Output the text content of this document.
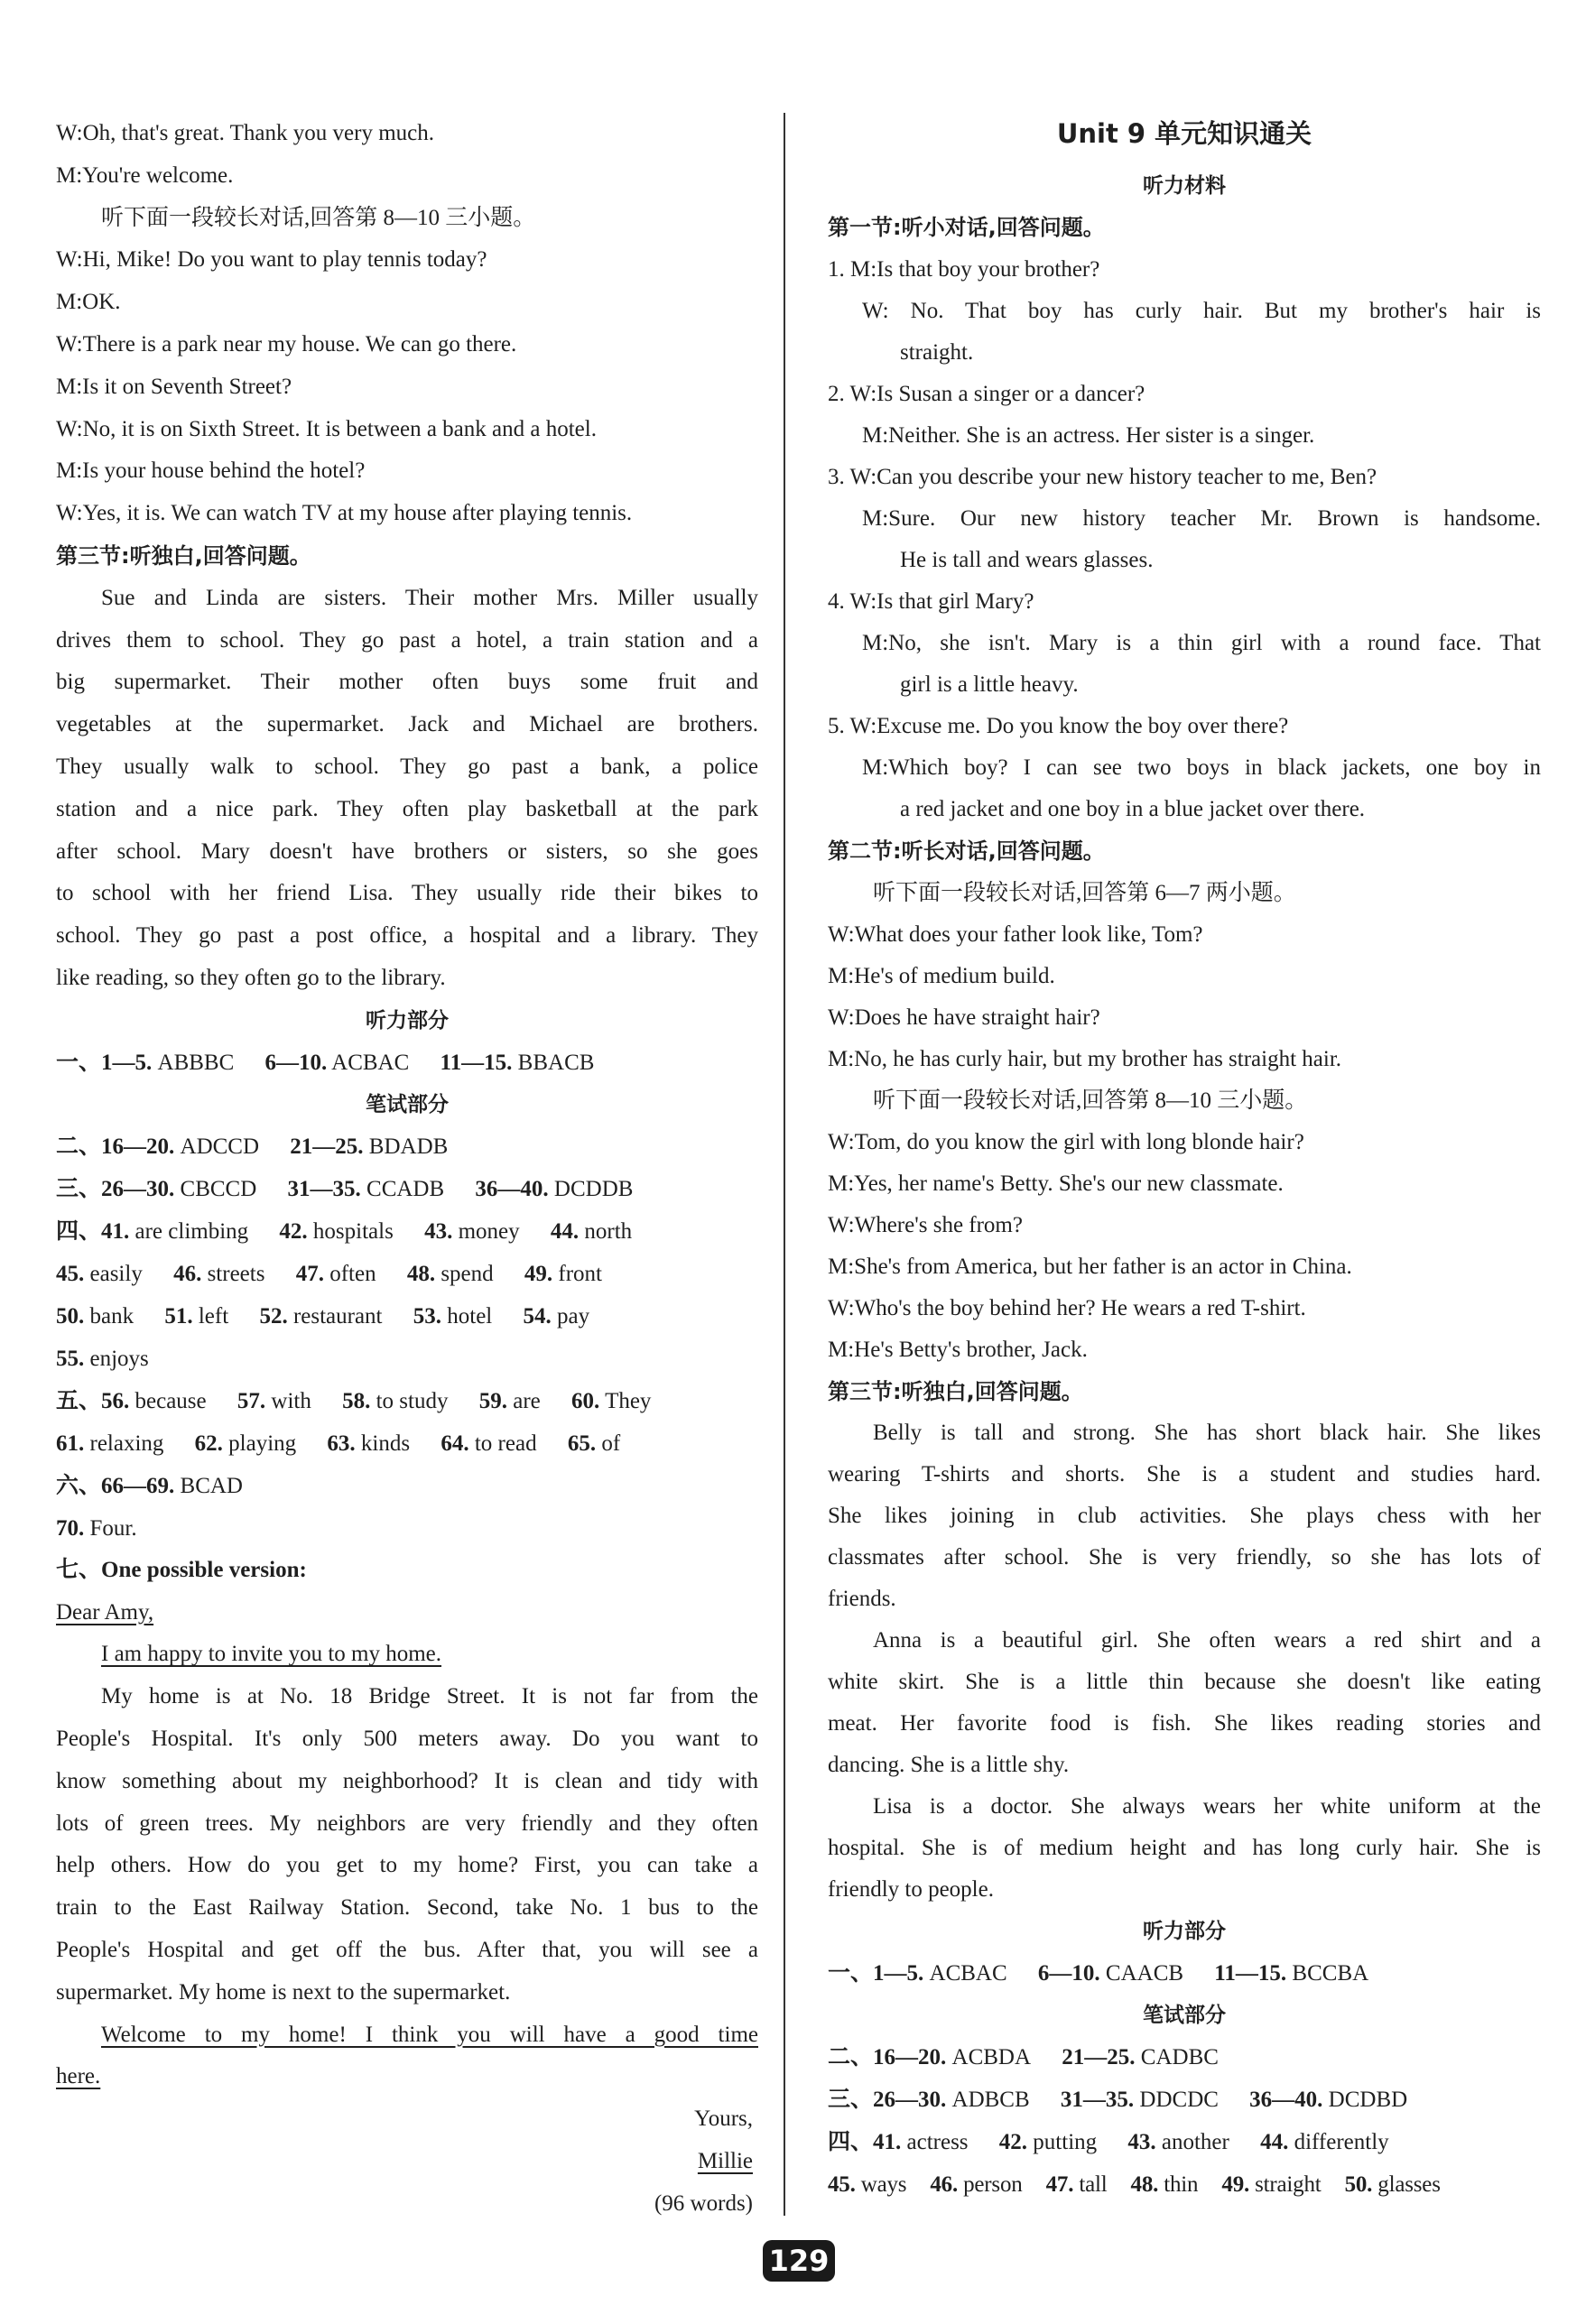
W:Oh, that's great. Thank you very much.
M:You're welcome.
听下面一段较长对话,回答第 8—10 三小题。
W:Hi, Mike! Do you want to play tennis today?
M:OK.
W:There is a park near my house. We can go there.
M:Is it on Seventh Street?
W:No, it is on Sixth Street. It is between a bank and a hotel.
M:Is your house behind the hotel?
W:Yes, it is. We can watch TV at my house after playing tennis.
第三节:听独白,回答问题。
Sue and Linda are sisters. Their mother Mrs. Miller usually
drives them to school. They go past a hotel, a train station and a
big supermarket. Their mother often buys some fruit and
vegetables at the supermarket. Jack and Michael are brothers.
They usually walk to school. They go past a bank, a police
station and a nice park. They often play basketball at the park
after school. Mary doesn't have brothers or sisters, so she goes
to school with her friend Lisa. They usually ride their bikes to
school. They go past a post office, a hospital and a library. They
like reading, so they often go to the library.
听力部分
一、1—5. ABBBC 6—10. ACBAC 11—15. BBACB
笔试部分
二、16—20. ADCCD 21—25. BDADB
三、26—30. CBCCD 31—35. CCADB 36—40. DCDDB
四、41. are climbing 42. hospitals 43. money 44. north
45. easily 46. streets 47. often 48. spend 49. front
50. bank 51. left 52. restaurant 53. hotel 54. pay
55. enjoys
五、56. because 57. with 58. to study 59. are 60. They
61. relaxing 62. playing 63. kinds 64. to read 65. of
六、66—69. BCAD
70. Four.
七、One possible version:
Dear Amy,
I am happy to invite you to my home.
My home is at No. 18 Bridge Street. It is not far from the
People's Hospital. It's only 500 meters away. Do you want to
know something about my neighborhood? It is clean and tidy with
lots of green trees. My neighbors are very friendly and they often
help others. How do you get to my home? First, you can take a
train to the East Railway Station. Second, take No. 1 bus to the
People's Hospital and get off the bus. After that, you will see a
supermarket. My home is next to the supermarket.
Welcome to my home! I think you will have a good time
here.
Yours,
Millie
(96 words)
Unit 9 单元知识通关
听力材料
第一节:听小对话,回答问题。
1. M:Is that boy your brother?
W: No. That boy has curly hair. But my brother's hair is
straight.
2. W:Is Susan a singer or a dancer?
M:Neither. She is an actress. Her sister is a singer.
3. W:Can you describe your new history teacher to me, Ben?
M:Sure. Our new history teacher Mr. Brown is handsome.
He is tall and wears glasses.
4. W:Is that girl Mary?
M:No, she isn't. Mary is a thin girl with a round face. That
girl is a little heavy.
5. W:Excuse me. Do you know the boy over there?
M:Which boy? I can see two boys in black jackets, one boy in
a red jacket and one boy in a blue jacket over there.
第二节:听长对话,回答问题。
听下面一段较长对话,回答第 6—7 两小题。
W:What does your father look like, Tom?
M:He's of medium build.
W:Does he have straight hair?
M:No, he has curly hair, but my brother has straight hair.
听下面一段较长对话,回答第 8—10 三小题。
W:Tom, do you know the girl with long blonde hair?
M:Yes, her name's Betty. She's our new classmate.
W:Where's she from?
M:She's from America, but her father is an actor in China.
W:Who's the boy behind her? He wears a red T-shirt.
M:He's Betty's brother, Jack.
第三节:听独白,回答问题。
Belly is tall and strong. She has short black hair. She likes
wearing T-shirts and shorts. She is a student and studies hard.
She likes joining in club activities. She plays chess with her
classmates after school. She is very friendly, so she has lots of
friends.
Anna is a beautiful girl. She often wears a red shirt and a
white skirt. She is a little thin because she doesn't like eating
meat. Her favorite food is fish. She likes reading stories and
dancing. She is a little shy.
Lisa is a doctor. She always wears her white uniform at the
hospital. She is of medium height and has long curly hair. She is
friendly to people.
听力部分
一、1—5. ACBAC 6—10. CAACB 11—15. BCCBA
笔试部分
二、16—20. ACBDA 21—25. CADBC
三、26—30. ADBCB 31—35. DDCDC 36—40. DCDBD
四、41. actress 42. putting 43. another 44. differently
45. ways 46. person 47. tall 48. thin 49. straight 50. glasses
129
